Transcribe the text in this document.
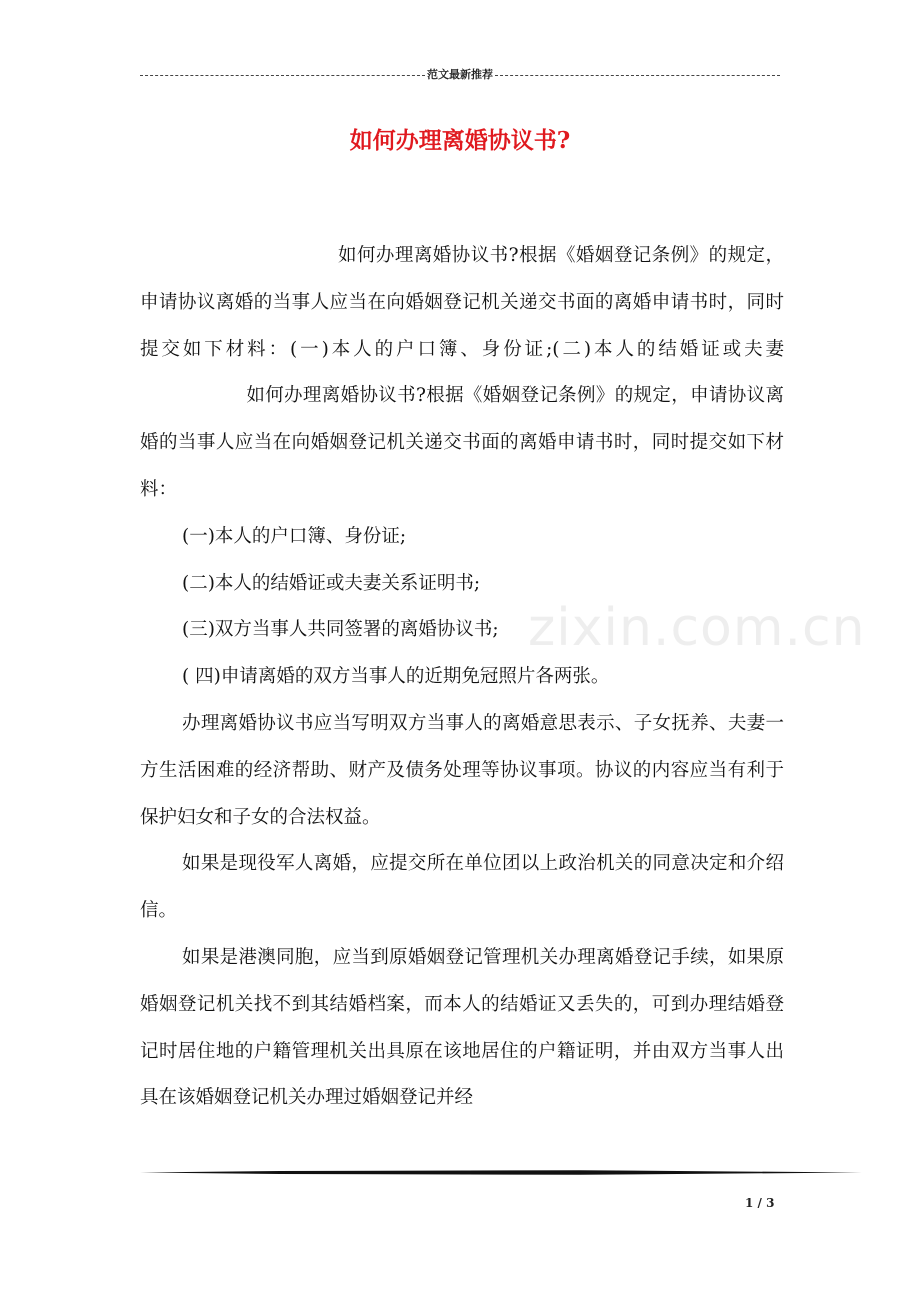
范文最新推荐
如何办理离婚协议书?
zixin.com.cn

如何办理离婚协议书?根据《婚姻登记条例》的规定，申请协议离婚的当事人应当在向婚姻登记机关递交书面的离婚申请书时，同时提交如下材料：(一)本人的户口簿、身份证;(二)本人的结婚证或夫妻如何办理离婚协议书?根据《婚姻登记条例》的规定，申请协议离婚的当事人应当在向婚姻登记机关递交书面的离婚申请书时，同时提交如下材料：

(一)本人的户口簿、身份证;

(二)本人的结婚证或夫妻关系证明书;

(三)双方当事人共同签署的离婚协议书;

( 四)申请离婚的双方当事人的近期免冠照片各两张。

办理离婚协议书应当写明双方当事人的离婚意思表示、子女抚养、夫妻一方生活困难的经济帮助、财产及债务处理等协议事项。协议的内容应当有利于保护妇女和子女的合法权益。

如果是现役军人离婚，应提交所在单位团以上政治机关的同意决定和介绍信。

如果是港澳同胞，应当到原婚姻登记管理机关办理离婚登记手续，如果原婚姻登记机关找不到其结婚档案，而本人的结婚证又丢失的，可到办理结婚登记时居住地的户籍管理机关出具原在该地居住的户籍证明，并由双方当事人出具在该婚姻登记机关办理过婚姻登记并经

1 / 3
